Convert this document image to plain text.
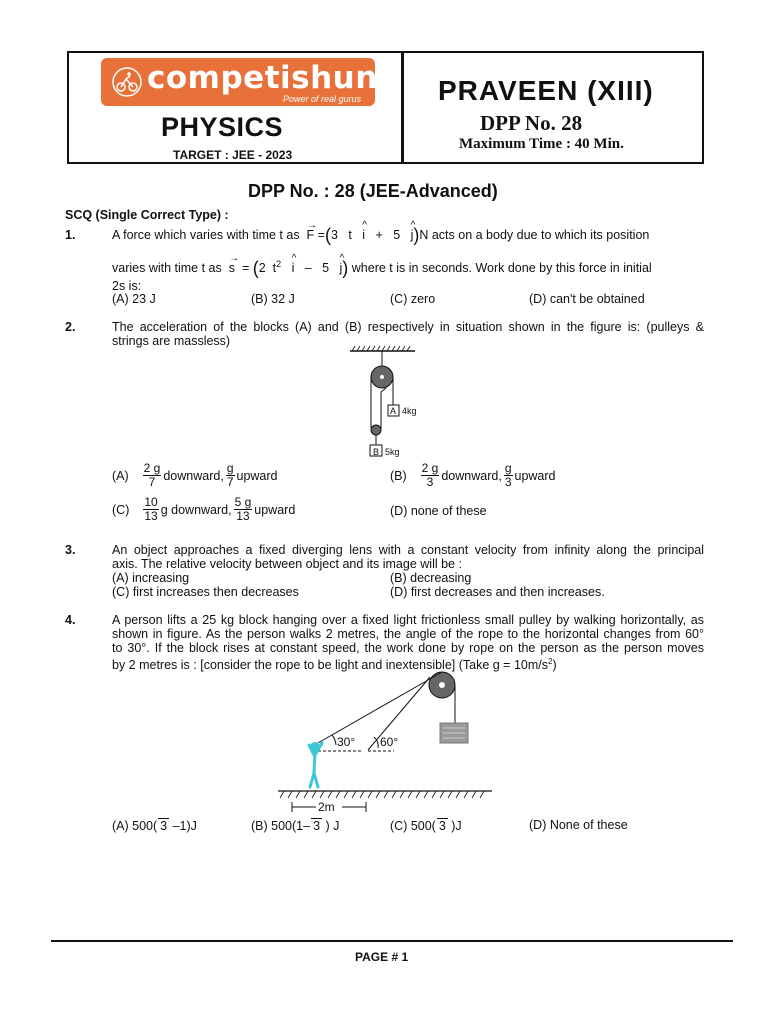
competishun
Power of real gurus
PHYSICS
TARGET : JEE - 2023
PRAVEEN (XIII)
DPP No. 28
Maximum Time : 40 Min.
DPP No. : 28 (JEE-Advanced)
SCQ (Single Correct Type) :
1.	A force which varies with time t as F
→
=(3 t i
^
+ 5 j
^
)N acts on a body due to which its position
varies with time t as s
→
= (2 $t^2$ i
^
– 5 j
^
) where t is in seconds. Work done by this force in initial
2s is:
(A) 23 J	(B) 32 J	(C) zero	(D) can't be obtained
2.	The acceleration of the blocks (A) and (B) respectively in situation shown in the figure is: (pulleys &
strings are massless)
A 4kg
B 5kg
$(A) \frac{2 g}{7}$ downward, $\frac{g}{7}$ upward	$(B) \frac{2 g}{3}$ downward, $\frac{g}{3}$ upward
$(C) \frac{10}{13}$ g downward, $\frac{5 g}{13}$ upward	(D) none of these
3.	An object approaches a fixed diverging lens with a constant velocity from infinity along the principal
axis. The relative velocity between object and its image will be :
(A) increasing	(B) decreasing
(C) first increases then decreases	(D) first decreases and then increases.
4.	A person lifts a 25 kg block hanging over a fixed light frictionless small pulley by walking horizontally, as
shown in figure. As the person walks 2 metres, the angle of the rope to the horizontal changes from 60°
to 30°. If the block rises at constant speed, the work done by rope on the person as the person moves
by 2 metres is : [consider the rope to be light and inextensible] (Take $g = 10m/s^2$)
30° 60°
2m
(A) 500( 3 –1)J	(B) 500(1– 3 ) J	(C) 500( 3 )J	(D) None of these
PAGE # 1
